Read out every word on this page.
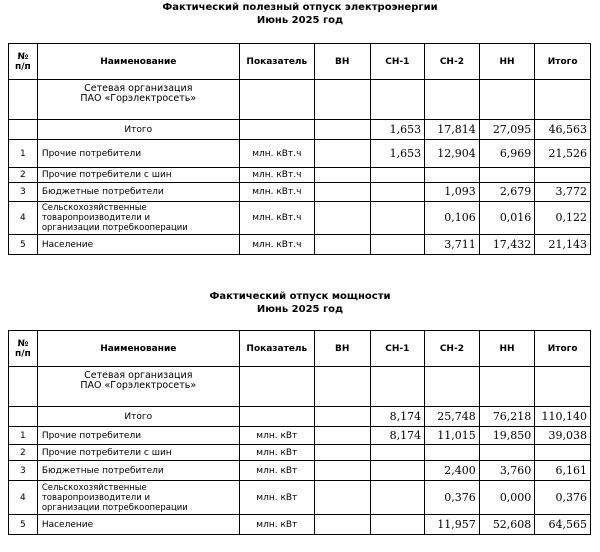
Фактический полезный отпуск электроэнергии
Июнь 2025 год
№
п/п	Наименование	Показатель	ВН	СН-1	СН-2	НН	Итого
	Сетевая организация
ПАО «Горэлектросеть»						
	Итого			1,653	17,814	27,095	46,563
1	Прочие потребители	млн. кВт.ч		1,653	12,904	6,969	21,526
2	Прочие потребители с шин	млн. кВт.ч					
3	Бюджетные потребители	млн. кВт.ч			1,093	2,679	3,772
4	Сельскохозяйственные
товаропроизводители и
организации потребкооперации	млн. кВт.ч			0,106	0,016	0,122
5	Население	млн. кВт.ч			3,711	17,432	21,143
Фактический отпуск мощности
Июнь 2025 год
№
п/п	Наименование	Показатель	ВН	СН-1	СН-2	НН	Итого
	Сетевая организация
ПАО «Горэлектросеть»						
	Итого			8,174	25,748	76,218	110,140
1	Прочие потребители	млн. кВт		8,174	11,015	19,850	39,038
2	Прочие потребители с шин	млн. кВт					
3	Бюджетные потребители	млн. кВт			2,400	3,760	6,161
4	Сельскохозяйственные
товаропроизводители и
организации потребкооперации	млн. кВт			0,376	0,000	0,376
5	Население	млн. кВт			11,957	52,608	64,565
